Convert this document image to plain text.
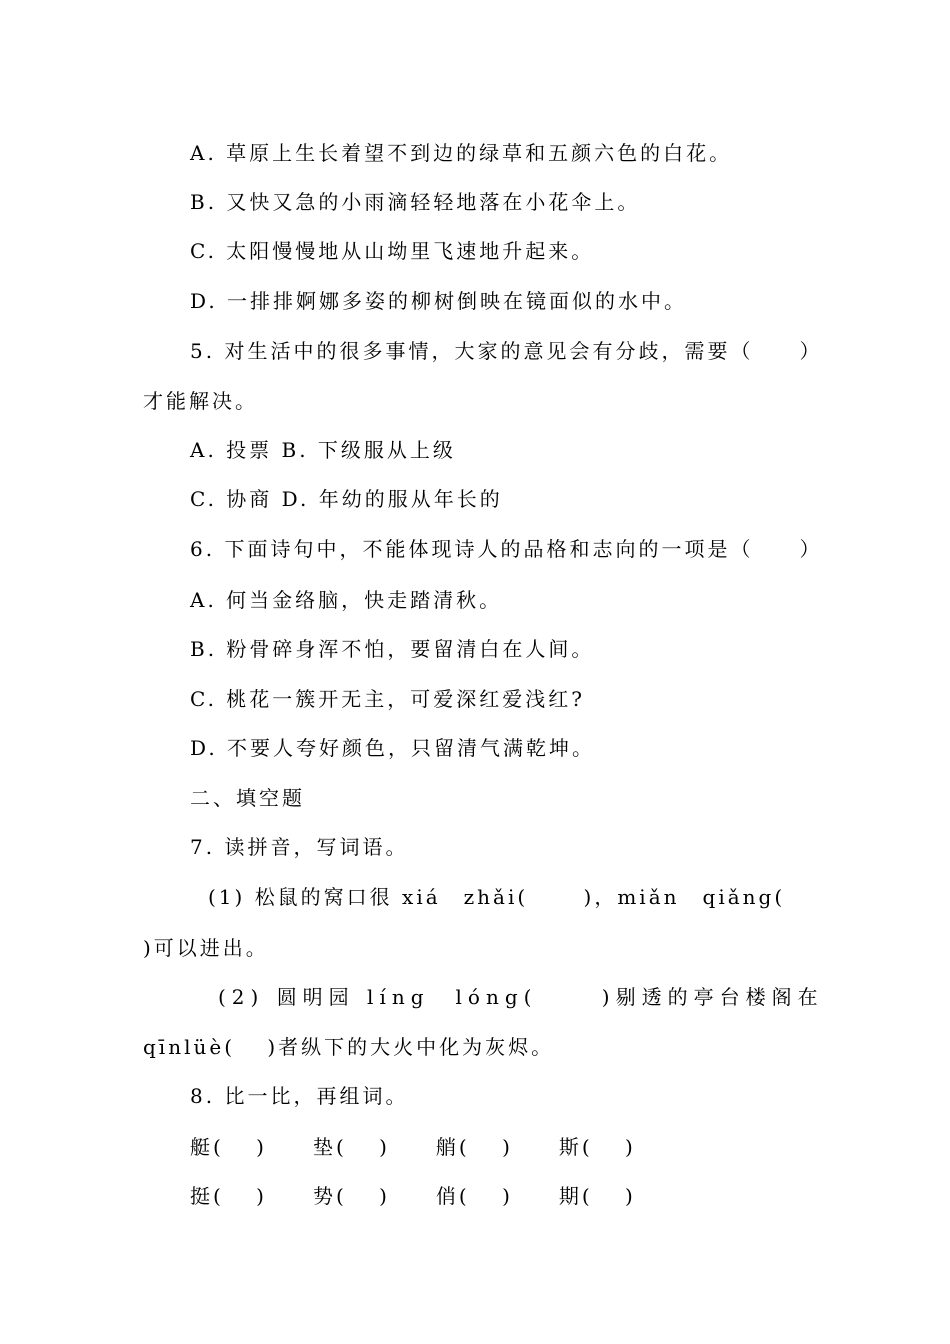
A. 草原上生长着望不到边的绿草和五颜六色的白花。
B. 又快又急的小雨滴轻轻地落在小花伞上。
C. 太阳慢慢地从山坳里飞速地升起来。
D. 一排排婀娜多姿的柳树倒映在镜面似的水中。
5. 对生活中的很多事情，大家的意见会有分歧，需要（　　）
才能解决。
A. 投票 B. 下级服从上级
C. 协商 D. 年幼的服从年长的
6. 下面诗句中，不能体现诗人的品格和志向的一项是（　　）
A. 何当金络脑，快走踏清秋。
B. 粉骨碎身浑不怕，要留清白在人间。
C. 桃花一簇开无主，可爱深红爱浅红?
D. 不要人夸好颜色，只留清气满乾坤。
二、填空题
7. 读拼音，写词语。
(1) 松鼠的窝口很 xiá　zhǎi(　　 )，miǎn　qiǎng(
)可以进出。
(2) 圆明园 líng　lóng(　　 )剔透的亭台楼阁在
qīnlüè(　 )者纵下的大火中化为灰烬。
8. 比一比，再组词。
艇(　 )　　垫(　 )　　艄(　 )　　斯(　 )
挺(　 )　　势(　 )　　俏(　 )　　期(　 )
